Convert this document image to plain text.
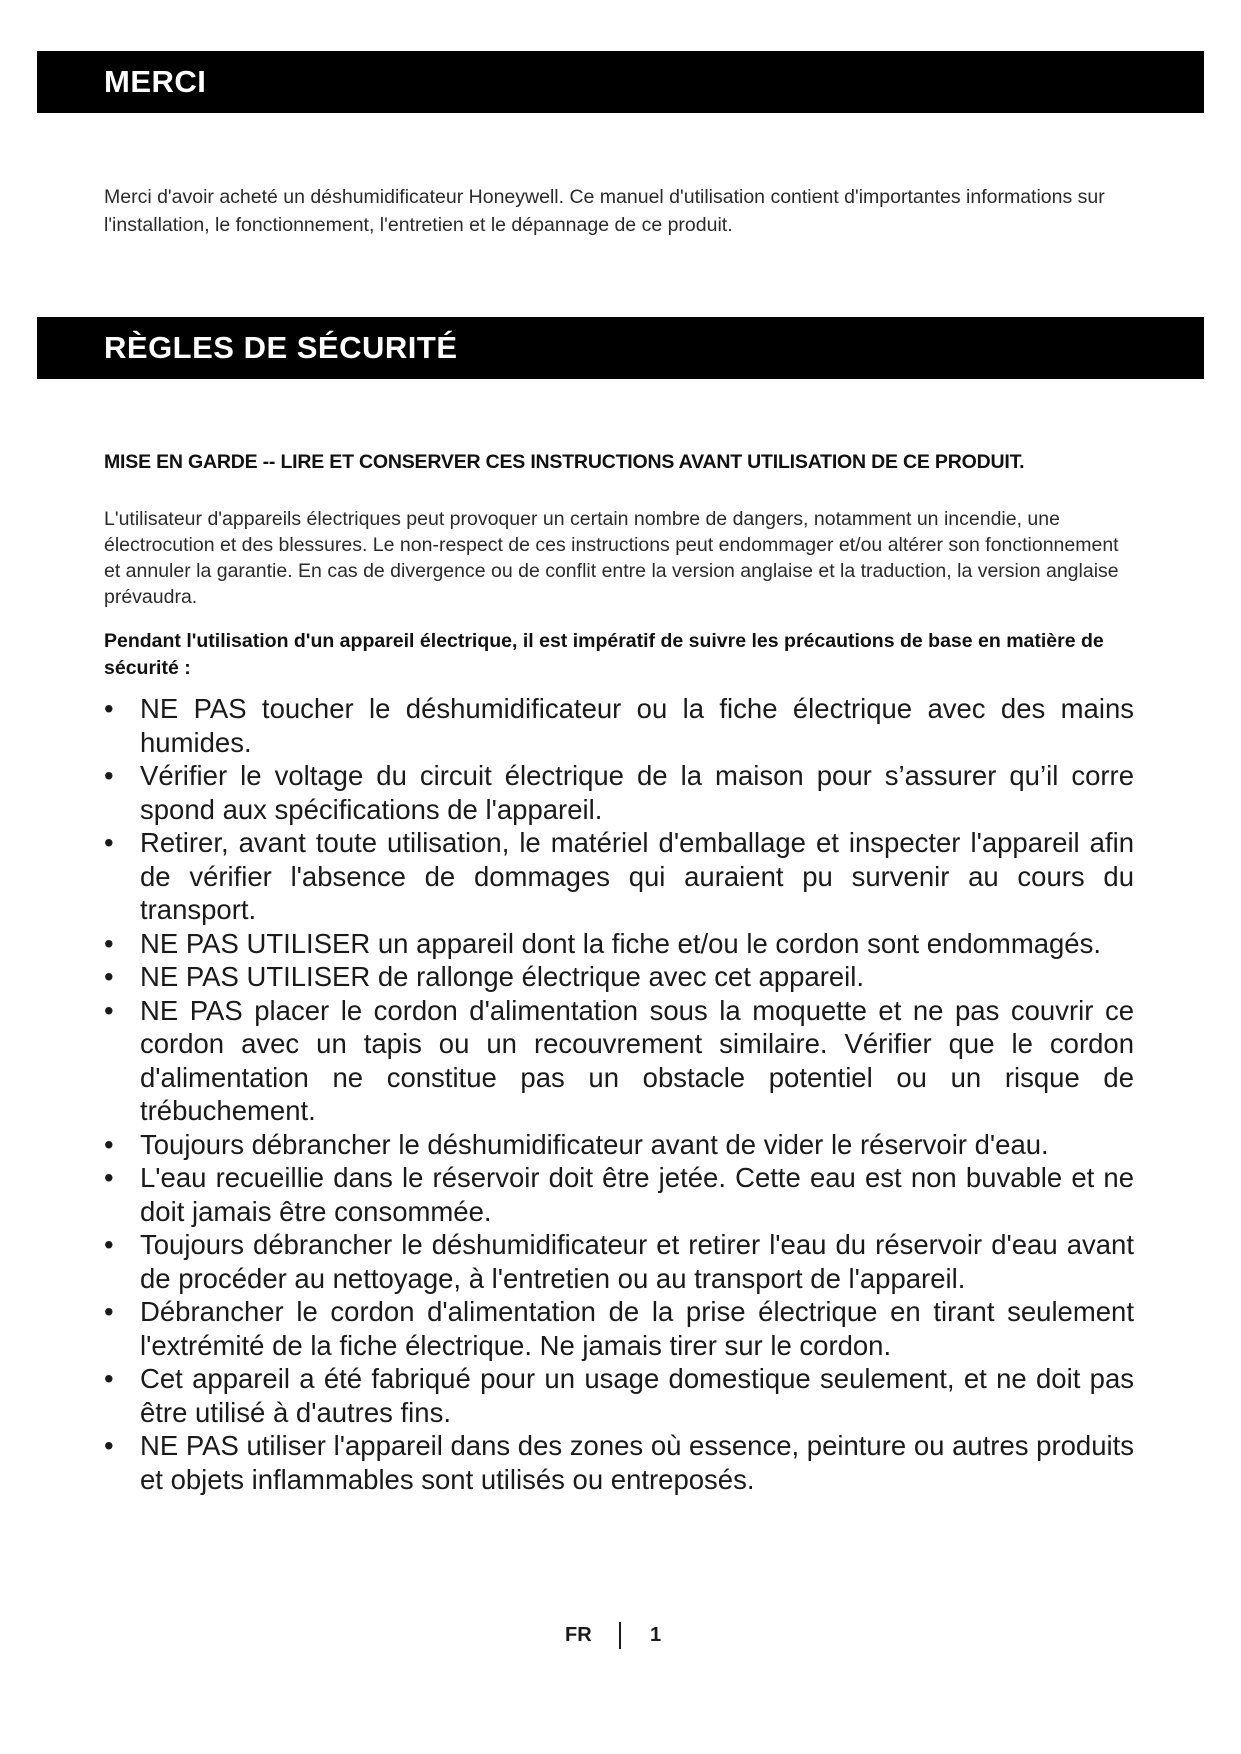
MERCI

Merci d'avoir acheté un déshumidificateur Honeywell. Ce manuel d'utilisation contient d'importantes informations sur l'installation, le fonctionnement, l'entretien et le dépannage de ce produit.

RÈGLES DE SÉCURITÉ
MISE EN GARDE -- LIRE ET CONSERVER CES INSTRUCTIONS AVANT UTILISATION DE CE PRODUIT.

L'utilisateur d'appareils électriques peut provoquer un certain nombre de dangers, notamment un incendie, une électrocution et des blessures. Le non-respect de ces instructions peut endommager et/ou altérer son fonctionnement et annuler la garantie. En cas de divergence ou de conflit entre la version anglaise et la traduction, la version anglaise prévaudra.

Pendant l'utilisation d'un appareil électrique, il est impératif de suivre les précautions de base en matière de sécurité :

• NE PAS toucher le déshumidificateur ou la fiche électrique avec des mains humides.
• Vérifier le voltage du circuit électrique de la maison pour s’assurer qu’il corre spond aux spécifications de l'appareil.
• Retirer, avant toute utilisation, le matériel d'emballage et inspecter l'appareil afin de vérifier l'absence de dommages qui auraient pu survenir au cours du transport.
• NE PAS UTILISER un appareil dont la fiche et/ou le cordon sont endommagés.
• NE PAS UTILISER de rallonge électrique avec cet appareil.
• NE PAS placer le cordon d'alimentation sous la moquette et ne pas couvrir ce cordon avec un tapis ou un recouvrement similaire. Vérifier que le cordon d'alimentation ne constitue pas un obstacle potentiel ou un risque de trébuchement.
• Toujours débrancher le déshumidificateur avant de vider le réservoir d'eau.
• L'eau recueillie dans le réservoir doit être jetée. Cette eau est non buvable et ne doit jamais être consommée.
• Toujours débrancher le déshumidificateur et retirer l'eau du réservoir d'eau avant de procéder au nettoyage, à l'entretien ou au transport de l'appareil.
• Débrancher le cordon d'alimentation de la prise électrique en tirant seulement l'extrémité de la fiche électrique. Ne jamais tirer sur le cordon.
• Cet appareil a été fabriqué pour un usage domestique seulement, et ne doit pas être utilisé à d'autres fins.
• NE PAS utiliser l'appareil dans des zones où essence, peinture ou autres produits et objets inflammables sont utilisés ou entreposés.
FR	1
